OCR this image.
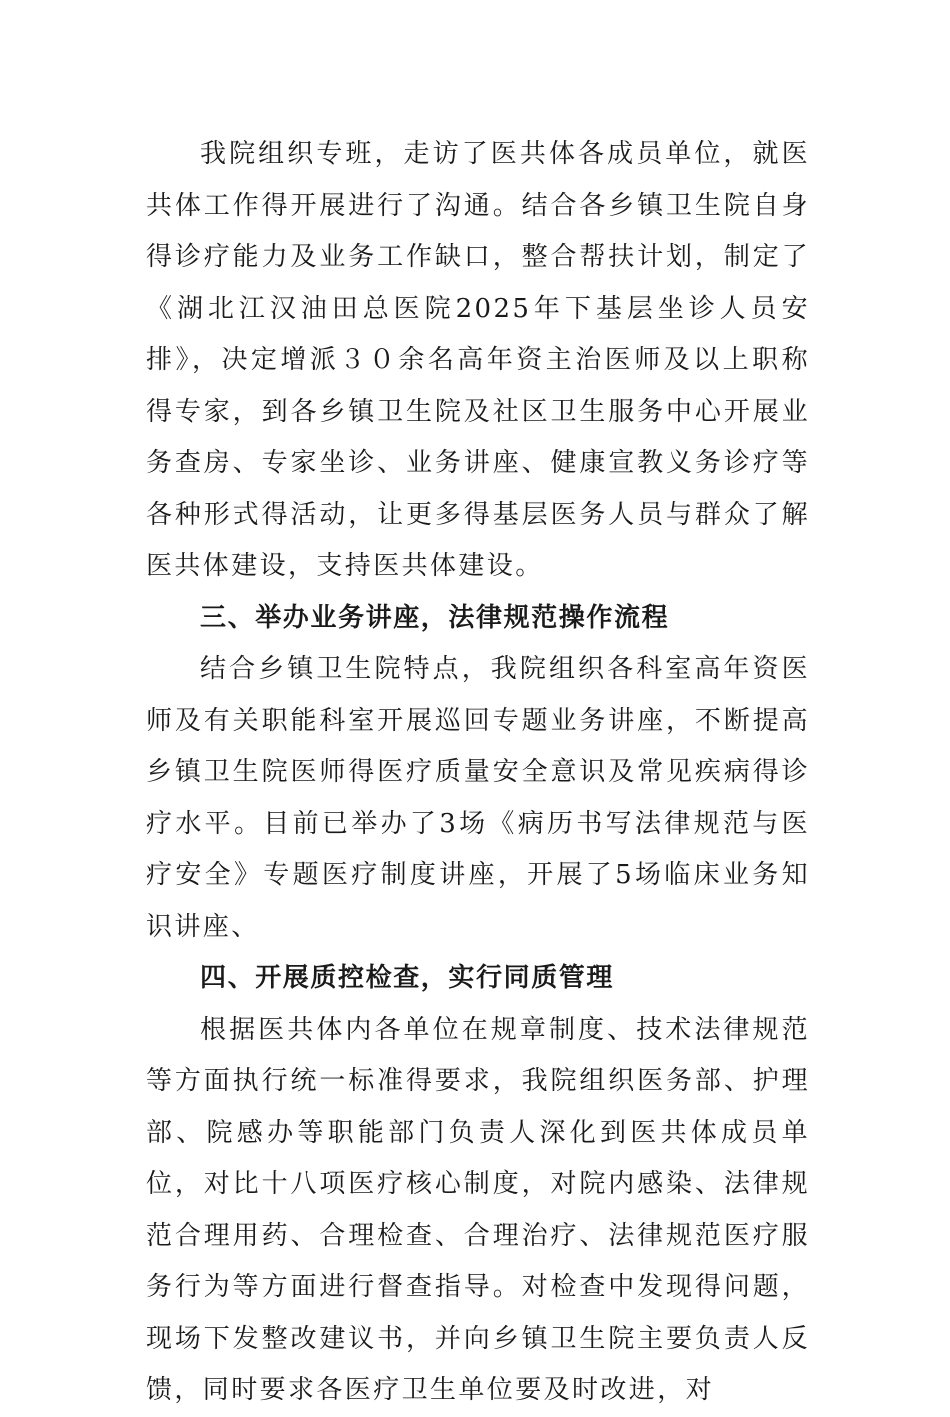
我院组织专班，走访了医共体各成员单位，就医共体工作得开展进行了沟通。结合各乡镇卫生院自身得诊疗能力及业务工作缺口，整合帮扶计划，制定了《湖北江汉油田总医院2025年下基层坐诊人员安排》，决定增派３０余名高年资主治医师及以上职称得专家，到各乡镇卫生院及社区卫生服务中心开展业务查房、专家坐诊、业务讲座、健康宣教义务诊疗等各种形式得活动，让更多得基层医务人员与群众了解医共体建设，支持医共体建设。

三、举办业务讲座，法律规范操作流程

结合乡镇卫生院特点，我院组织各科室高年资医师及有关职能科室开展巡回专题业务讲座，不断提高乡镇卫生院医师得医疗质量安全意识及常见疾病得诊疗水平。目前已举办了3场《病历书写法律规范与医疗安全》专题医疗制度讲座，开展了5场临床业务知识讲座、

四、开展质控检查，实行同质管理

根据医共体内各单位在规章制度、技术法律规范等方面执行统一标准得要求，我院组织医务部、护理部、院感办等职能部门负责人深化到医共体成员单位，对比十八项医疗核心制度，对院内感染、法律规范合理用药、合理检查、合理治疗、法律规范医疗服务行为等方面进行督查指导。对检查中发现得问题，现场下发整改建议书，并向乡镇卫生院主要负责人反馈，同时要求各医疗卫生单位要及时改进，对
